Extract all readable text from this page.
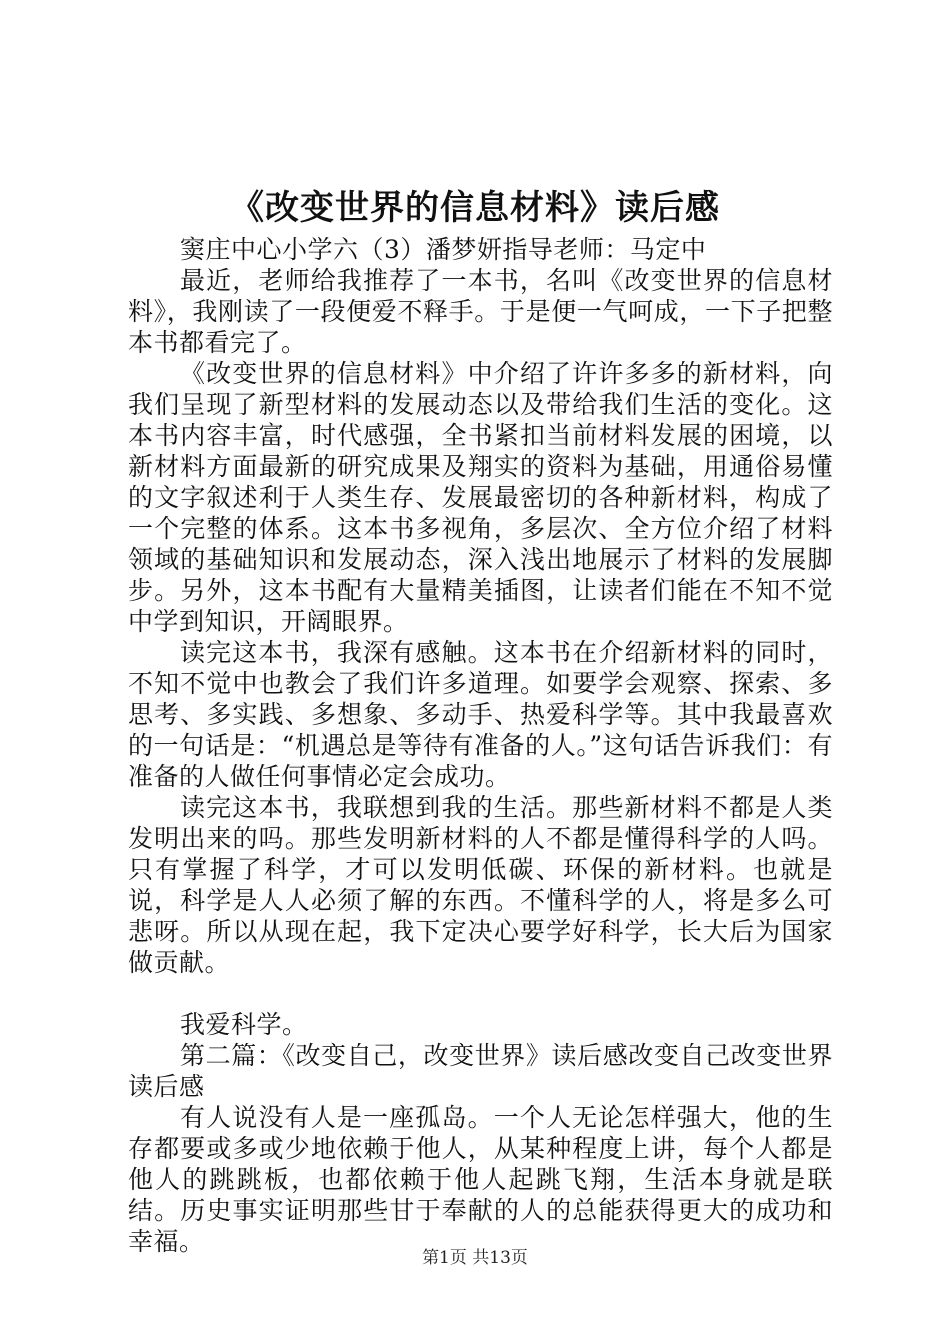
《改变世界的信息材料》读后感

窦庄中心小学六（3）潘梦妍指导老师：马定中

最近，老师给我推荐了一本书，名叫《改变世界的信息材料》，我刚读了一段便爱不释手。于是便一气呵成，一下子把整本书都看完了。

《改变世界的信息材料》中介绍了许许多多的新材料，向我们呈现了新型材料的发展动态以及带给我们生活的变化。这本书内容丰富，时代感强，全书紧扣当前材料发展的困境，以新材料方面最新的研究成果及翔实的资料为基础，用通俗易懂的文字叙述利于人类生存、发展最密切的各种新材料，构成了一个完整的体系。这本书多视角，多层次、全方位介绍了材料领域的基础知识和发展动态，深入浅出地展示了材料的发展脚步。另外，这本书配有大量精美插图，让读者们能在不知不觉中学到知识，开阔眼界。

读完这本书，我深有感触。这本书在介绍新材料的同时，不知不觉中也教会了我们许多道理。如要学会观察、探索、多思考、多实践、多想象、多动手、热爱科学等。其中我最喜欢的一句话是：“机遇总是等待有准备的人。”这句话告诉我们：有准备的人做任何事情必定会成功。

读完这本书，我联想到我的生活。那些新材料不都是人类发明出来的吗。那些发明新材料的人不都是懂得科学的人吗。只有掌握了科学，才可以发明低碳、环保的新材料。也就是说，科学是人人必须了解的东西。不懂科学的人，将是多么可悲呀。所以从现在起，我下定决心要学好科学，长大后为国家做贡献。

我爱科学。

第二篇：《改变自己，改变世界》读后感改变自己改变世界读后感

有人说没有人是一座孤岛。一个人无论怎样强大，他的生存都要或多或少地依赖于他人，从某种程度上讲，每个人都是他人的跳跳板，也都依赖于他人起跳飞翔，生活本身就是联结。历史事实证明那些甘于奉献的人的总能获得更大的成功和幸福。

第1页 共13页
